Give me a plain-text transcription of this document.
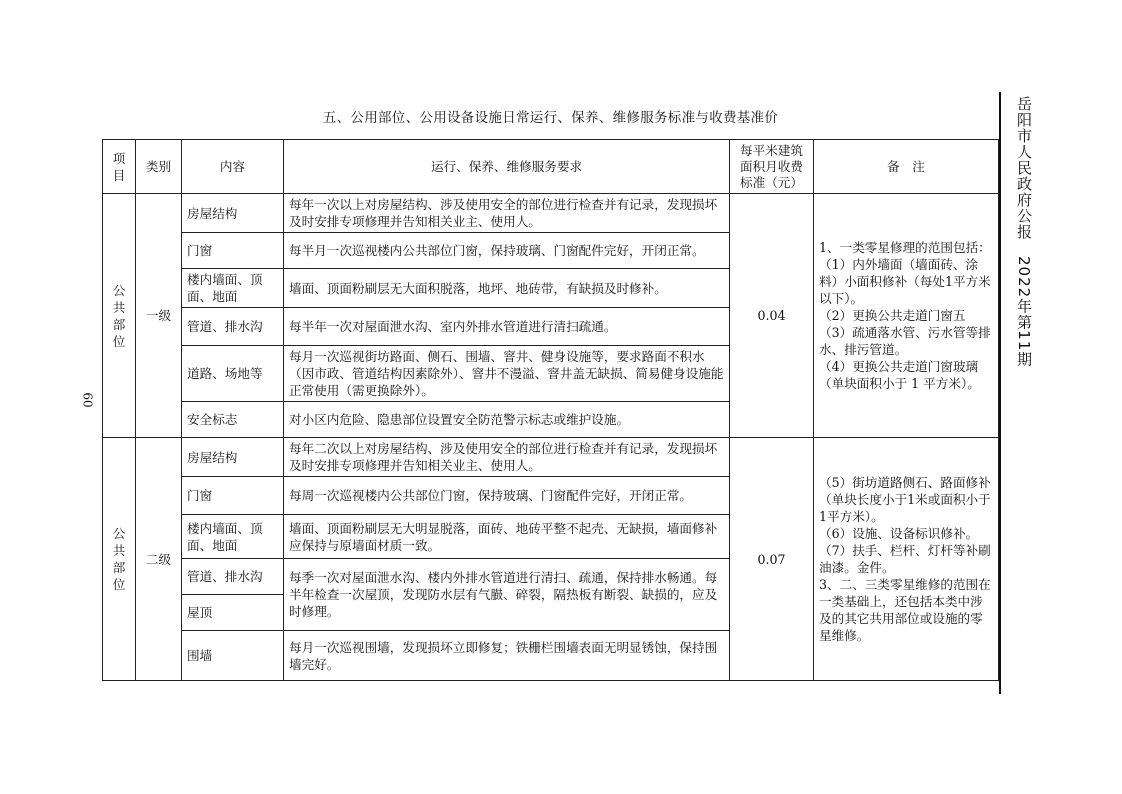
五、公用部位、公用设备设施日常运行、保养、维修服务标准与收费基准价
项目	类别	内容	运行、保养、维修服务要求	每平米建筑面积月收费标准（元）	备　注
公共部位	一级	房屋结构	每年一次以上对房屋结构、涉及使用安全的部位进行检查并有记录，发现损坏及时安排专项修理并告知相关业主、使用人。	0.04	1、一类零星修理的范围包括：
（1）内外墙面（墙面砖、涂料）小面积修补（每处1平方米以下）。
（2）更换公共走道门窗五
（3）疏通落水管、污水管等排水、排污管道。
（4）更换公共走道门窗玻璃（单块面积小于 1 平方米）。

		门窗	每半月一次巡视楼内公共部位门窗，保持玻璃、门窗配件完好，开闭正常。		
		楼内墙面、顶面、地面	墙面、顶面粉刷层无大面积脱落，地坪、地砖带，有缺损及时修补。		
		管道、排水沟	每半年一次对屋面泄水沟、室内外排水管道进行清扫疏通。		
		道路、场地等	每月一次巡视街坊路面、侧石、围墙、窨井、健身设施等，要求路面不积水（因市政、管道结构因素除外）、窨井不漫溢、窨井盖无缺损、简易健身设施能正常使用（需更换除外）。		
		安全标志	对小区内危险、隐患部位设置安全防范警示标志或维护设施。		
公共部位	二级	房屋结构	每年二次以上对房屋结构、涉及使用安全的部位进行检查并有记录，发现损坏及时安排专项修理并告知相关业主、使用人。	0.07	（5）街坊道路侧石、路面修补（单块长度小于1米或面积小于1平方米）。
（6）设施、设备标识修补。
（7）扶手、栏杆、灯杆等补刷油漆。金件。
3、二、三类零星维修的范围在一类基础上，还包括本类中涉及的其它共用部位或设施的零星维修。

		门窗	每周一次巡视楼内公共部位门窗，保持玻璃、门窗配件完好，开闭正常。		
		楼内墙面、顶面、地面	墙面、顶面粉刷层无大明显脱落，面砖、地砖平整不起壳、无缺损，墙面修补应保持与原墙面材质一致。		
		管道、排水沟	每季一次对屋面泄水沟、楼内外排水管道进行清扫、疏通，保持排水畅通。每半年检查一次屋顶，发现防水层有气臌、碎裂，隔热板有断裂、缺损的，应及时修理。		
		屋顶			
		围墙	每月一次巡视围墙，发现损坏立即修复；铁栅栏围墙表面无明显锈蚀，保持围墙完好。		
60
岳阳市人民政府公报　2022年第11期
